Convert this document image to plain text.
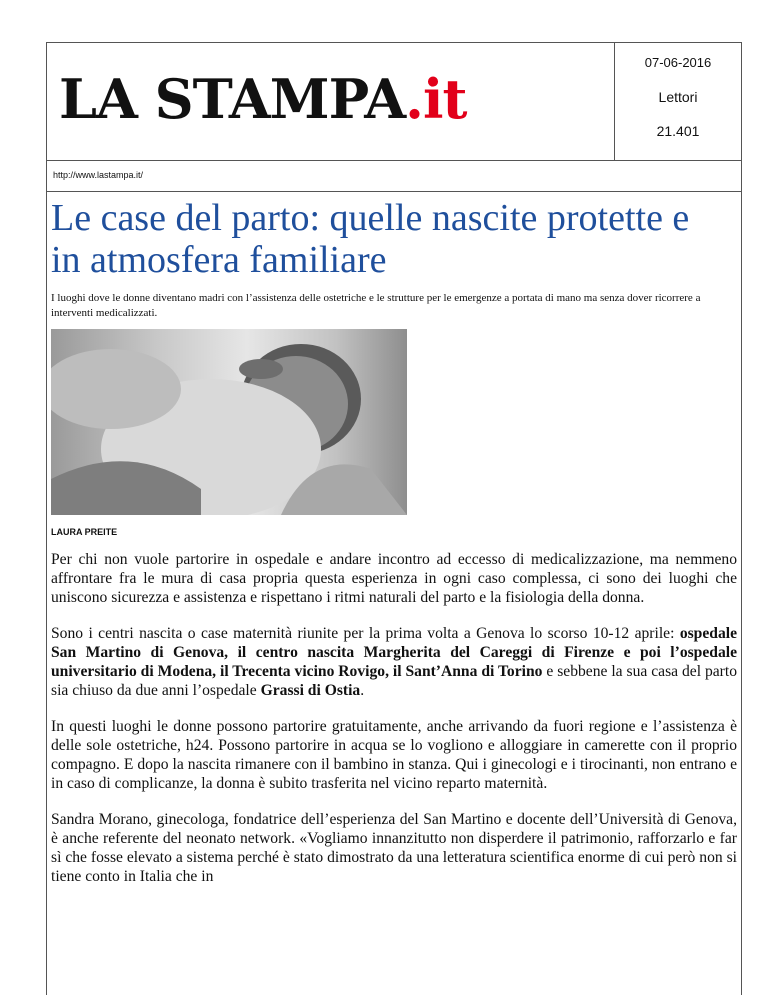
LA STAMPA.it
07-06-2016
Lettori
21.401
http://www.lastampa.it/
Le case del parto: quelle nascite protette e in atmosfera familiare

I luoghi dove le donne diventano madri con l’assistenza delle ostetriche e le strutture per le emergenze a portata di mano ma senza dover ricorrere a interventi medicalizzati.

LAURA PREITE

Per chi non vuole partorire in ospedale e andare incontro ad eccesso di medicalizzazione, ma nemmeno affrontare fra le mura di casa propria questa esperienza in ogni caso complessa, ci sono dei luoghi che uniscono sicurezza e assistenza e rispettano i ritmi naturali del parto e la fisiologia della donna.

Sono i centri nascita o case maternità riunite per la prima volta a Genova lo scorso 10-12 aprile: ospedale San Martino di Genova, il centro nascita Margherita del Careggi di Firenze e poi l’ospedale universitario di Modena, il Trecenta vicino Rovigo, il Sant’Anna di Torino e sebbene la sua casa del parto sia chiuso da due anni l’ospedale Grassi di Ostia.

In questi luoghi le donne possono partorire gratuitamente, anche arrivando da fuori regione e l’assistenza è delle sole ostetriche, h24. Possono partorire in acqua se lo vogliono e alloggiare in camerette con il proprio compagno. E dopo la nascita rimanere con il bambino in stanza. Qui i ginecologi e i tirocinanti, non entrano e in caso di complicanze, la donna è subito trasferita nel vicino reparto maternità.

Sandra Morano, ginecologa, fondatrice dell’esperienza del San Martino e docente dell’Università di Genova, è anche referente del neonato network. «Vogliamo innanzitutto non disperdere il patrimonio, rafforzarlo e far sì che fosse elevato a sistema perché è stato dimostrato da una letteratura scientifica enorme di cui però non si tiene conto in Italia che in
